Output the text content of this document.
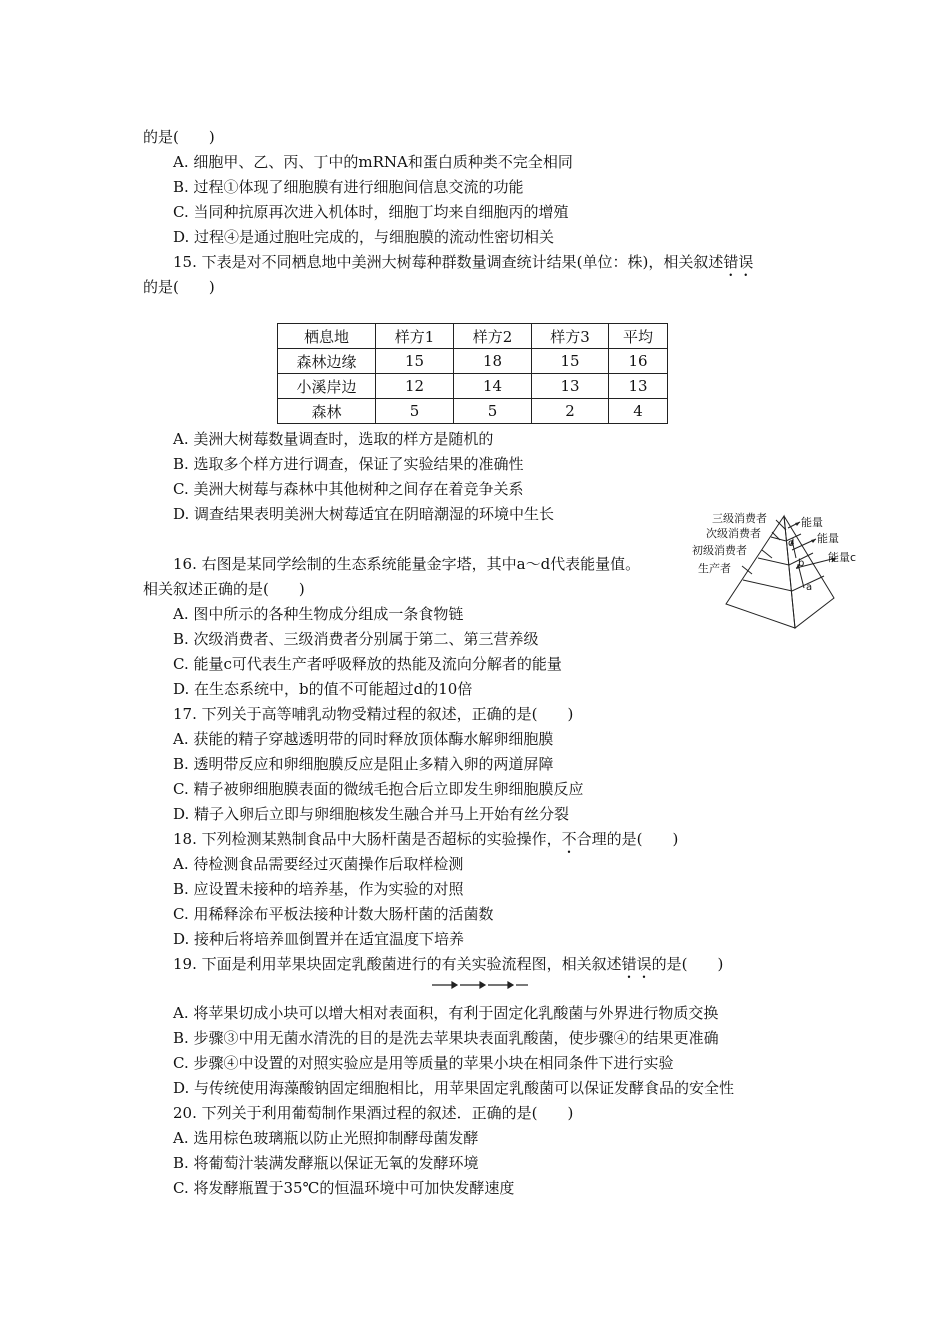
的是(　　)
A. 细胞甲、乙、丙、丁中的mRNA和蛋白质种类不完全相同
B. 过程①体现了细胞膜有进行细胞间信息交流的功能
C. 当同种抗原再次进入机体时，细胞丁均来自细胞丙的增殖
D. 过程④是通过胞吐完成的，与细胞膜的流动性密切相关
15. 下表是对不同栖息地中美洲大树莓种群数量调查统计结果(单位：株)，相关叙述错误
的是(　　)
栖息地	样方1	样方2	样方3	平均
森林边缘	15	18	15	16
小溪岸边	12	14	13	13
森林	5	5	2	4
A. 美洲大树莓数量调查时，选取的样方是随机的
B. 选取多个样方进行调查，保证了实验结果的准确性
C. 美洲大树莓与森林中其他树种之间存在着竞争关系
D. 调查结果表明美洲大树莓适宜在阴暗潮湿的环境中生长	三级消费者
次级消费者
初级消费者
生产者
能量
能量
能量c
d
b
a
16. 右图是某同学绘制的生态系统能量金字塔，其中a～d代表能量值。
相关叙述正确的是(　　)
A. 图中所示的各种生物成分组成一条食物链
B. 次级消费者、三级消费者分别属于第二、第三营养级
C. 能量c可代表生产者呼吸释放的热能及流向分解者的能量
D. 在生态系统中，b的值不可能超过d的10倍
17. 下列关于高等哺乳动物受精过程的叙述，正确的是(　　)
A. 获能的精子穿越透明带的同时释放顶体酶水解卵细胞膜
B. 透明带反应和卵细胞膜反应是阻止多精入卵的两道屏障
C. 精子被卵细胞膜表面的微绒毛抱合后立即发生卵细胞膜反应
D. 精子入卵后立即与卵细胞核发生融合并马上开始有丝分裂
18. 下列检测某熟制食品中大肠杆菌是否超标的实验操作，不合理的是(　　)
A. 待检测食品需要经过灭菌操作后取样检测
B. 应设置未接种的培养基，作为实验的对照
C. 用稀释涂布平板法接种计数大肠杆菌的活菌数
D. 接种后将培养皿倒置并在适宜温度下培养
19. 下面是利用苹果块固定乳酸菌进行的有关实验流程图，相关叙述错误的是(　　)
A. 将苹果切成小块可以增大相对表面积，有利于固定化乳酸菌与外界进行物质交换
B. 步骤③中用无菌水清洗的目的是洗去苹果块表面乳酸菌，使步骤④的结果更准确
C. 步骤④中设置的对照实验应是用等质量的苹果小块在相同条件下进行实验
D. 与传统使用海藻酸钠固定细胞相比，用苹果固定乳酸菌可以保证发酵食品的安全性
20. 下列关于利用葡萄制作果酒过程的叙述．正确的是(　　)
A. 选用棕色玻璃瓶以防止光照抑制酵母菌发酵
B. 将葡萄汁装满发酵瓶以保证无氧的发酵环境
C. 将发酵瓶置于35℃的恒温环境中可加快发酵速度
